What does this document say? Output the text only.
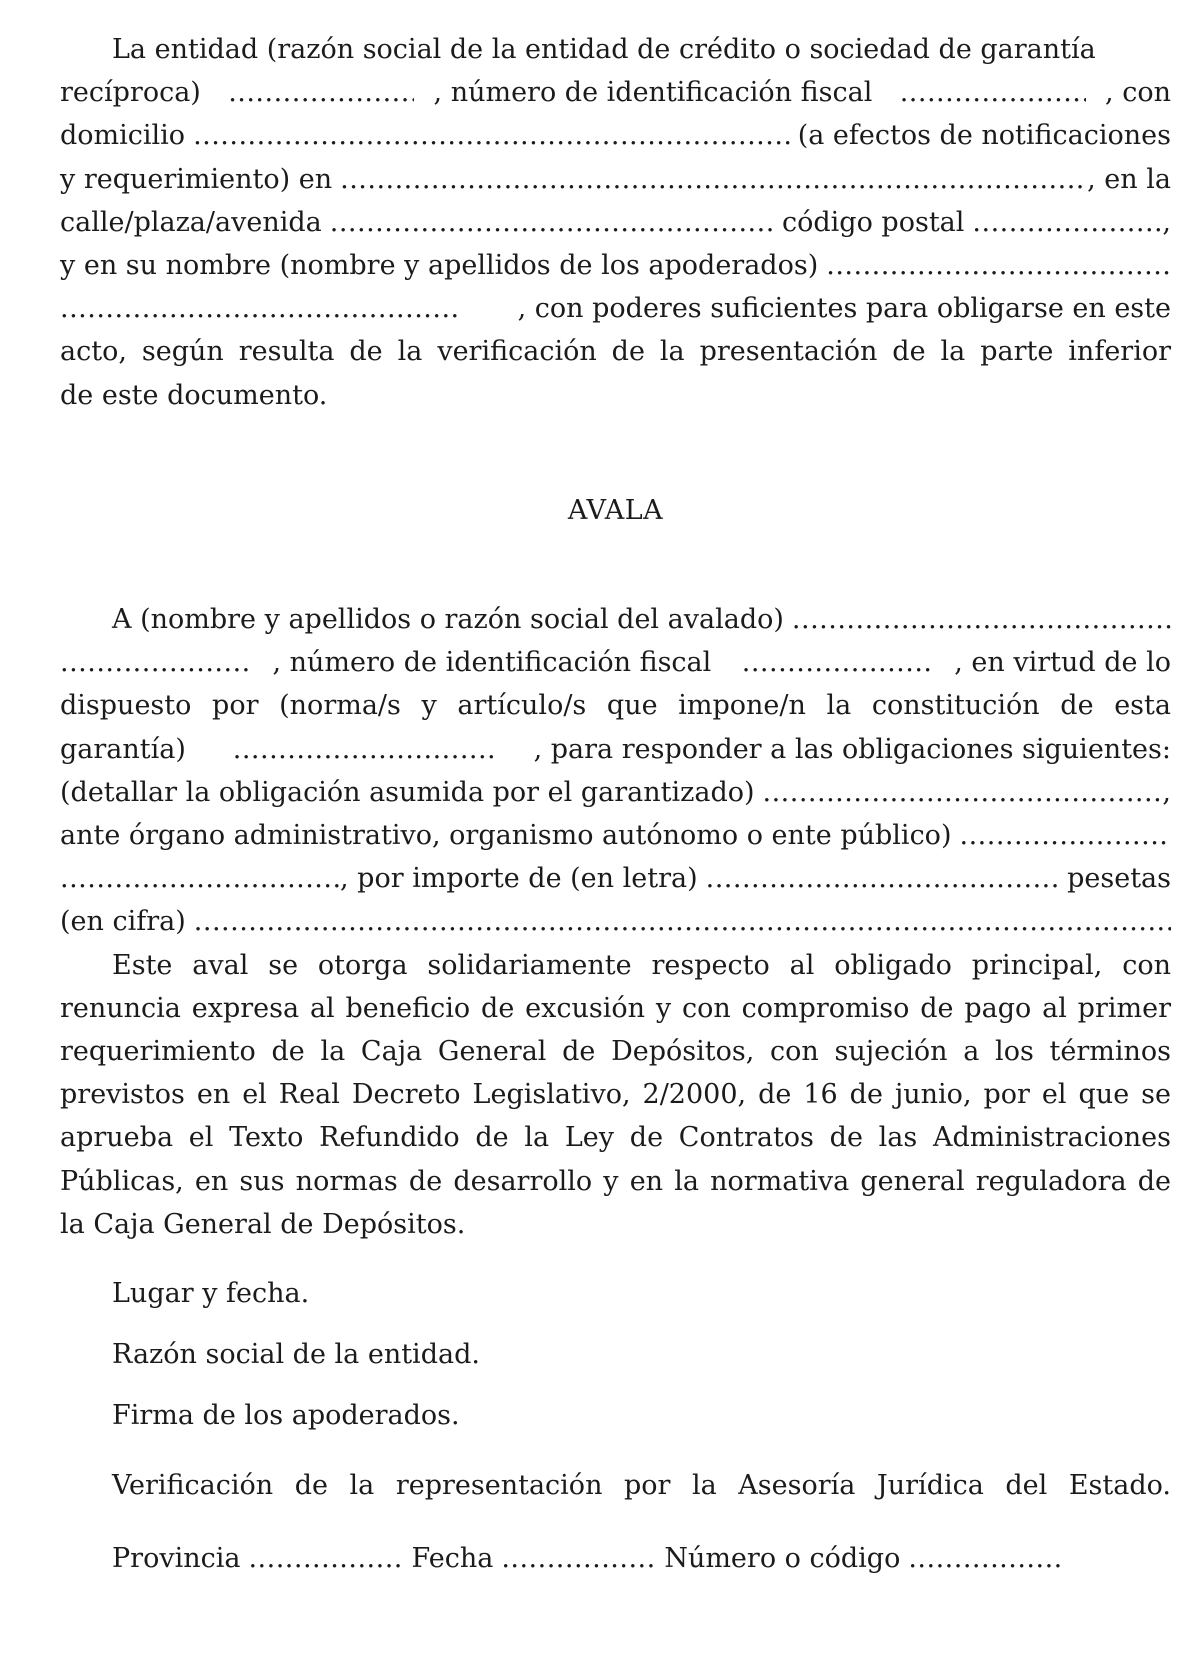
La entidad (razón social de la entidad de crédito o sociedad de garantía
recíproca) .....	, número de identificación fiscal .....	, con
domicilio .....	(a efectos de notificaciones
y requerimiento) en .....	, en la
calle/plaza/avenida .....	código postal .....	,
y en su nombre (nombre y apellidos de los apoderados)
.....
.....
, con poderes suficientes para obligarse en este
acto, según resulta de la verificación de la presentación de la parte inferior
de este documento.

AVALA

A (nombre y apellidos o razón social del avalado)
.....
.....
, número de identificación fiscal .....	, en virtud de lo
dispuesto por (norma/s y artículo/s que impone/n la constitución de esta
garantía) .....	, para responder a las obligaciones siguientes:
(detallar la obligación asumida por el garantizado) .....	,
ante órgano administrativo, organismo autónomo o ente público)
.....
.....
, por importe de (en letra) .....	pesetas
(en cifra)
.....

Este aval se otorga solidariamente respecto al obligado principal, con renuncia expresa al beneficio de excusión y con compromiso de pago al primer requerimiento de la Caja General de Depósitos, con sujeción a los términos previstos en el Real Decreto Legislativo, 2/2000, de 16 de junio, por el que se aprueba el Texto Refundido de la Ley de Contratos de las Administraciones Públicas, en sus normas de desarrollo y en la normativa general reguladora de la Caja General de Depósitos.

Lugar y fecha.

Razón social de la entidad.

Firma de los apoderados.

Verificación de la representación por la Asesoría Jurídica del Estado.

Provincia .....	Fecha .....	Número o código
.....
